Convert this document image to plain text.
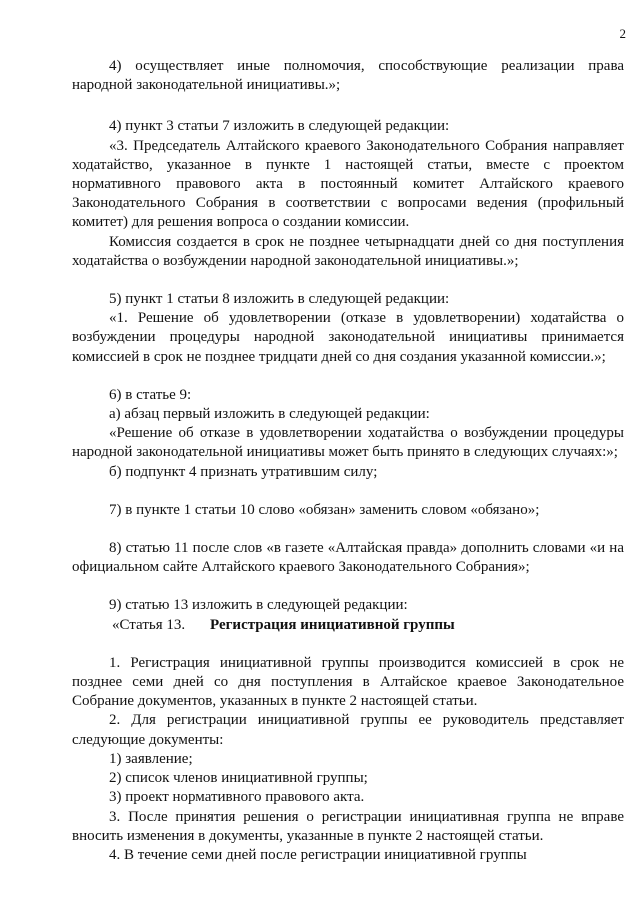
2

4) осуществляет иные полномочия, способствующие реализации права народной законодательной инициативы.»;

4) пункт 3 статьи 7 изложить в следующей редакции:

«3. Председатель Алтайского краевого Законодательного Собрания направляет ходатайство, указанное в пункте 1 настоящей статьи, вместе с проектом нормативного правового акта в постоянный комитет Алтайского краевого Законодательного Собрания в соответствии с вопросами ведения (профильный комитет) для решения вопроса о создании комиссии.

Комиссия создается в срок не позднее четырнадцати дней со дня поступления ходатайства о возбуждении народной законодательной инициативы.»;

5) пункт 1 статьи 8 изложить в следующей редакции:

«1. Решение об удовлетворении (отказе в удовлетворении) ходатайства о возбуждении процедуры народной законодательной инициативы принимается комиссией в срок не позднее тридцати дней со дня создания указанной комиссии.»;

6) в статье 9:

а) абзац первый изложить в следующей редакции:

«Решение об отказе в удовлетворении ходатайства о возбуждении процедуры народной законодательной инициативы может быть принято в следующих случаях:»;

б) подпункт 4 признать утратившим силу;

7) в пункте 1 статьи 10 слово «обязан» заменить словом «обязано»;

8) статью 11 после слов «в газете «Алтайская правда» дополнить словами «и на официальном сайте Алтайского краевого Законодательного Собрания»;

9) статью 13 изложить в следующей редакции:

«Статья 13. Регистрация инициативной группы

1. Регистрация инициативной группы производится комиссией в срок не позднее семи дней со дня поступления в Алтайское краевое Законодательное Собрание документов, указанных в пункте 2 настоящей статьи.

2. Для регистрации инициативной группы ее руководитель представляет следующие документы:

1) заявление;

2) список членов инициативной группы;

3) проект нормативного правового акта.

3. После принятия решения о регистрации инициативная группа не вправе вносить изменения в документы, указанные в пункте 2 настоящей статьи.

4. В течение семи дней после регистрации инициативной группы
